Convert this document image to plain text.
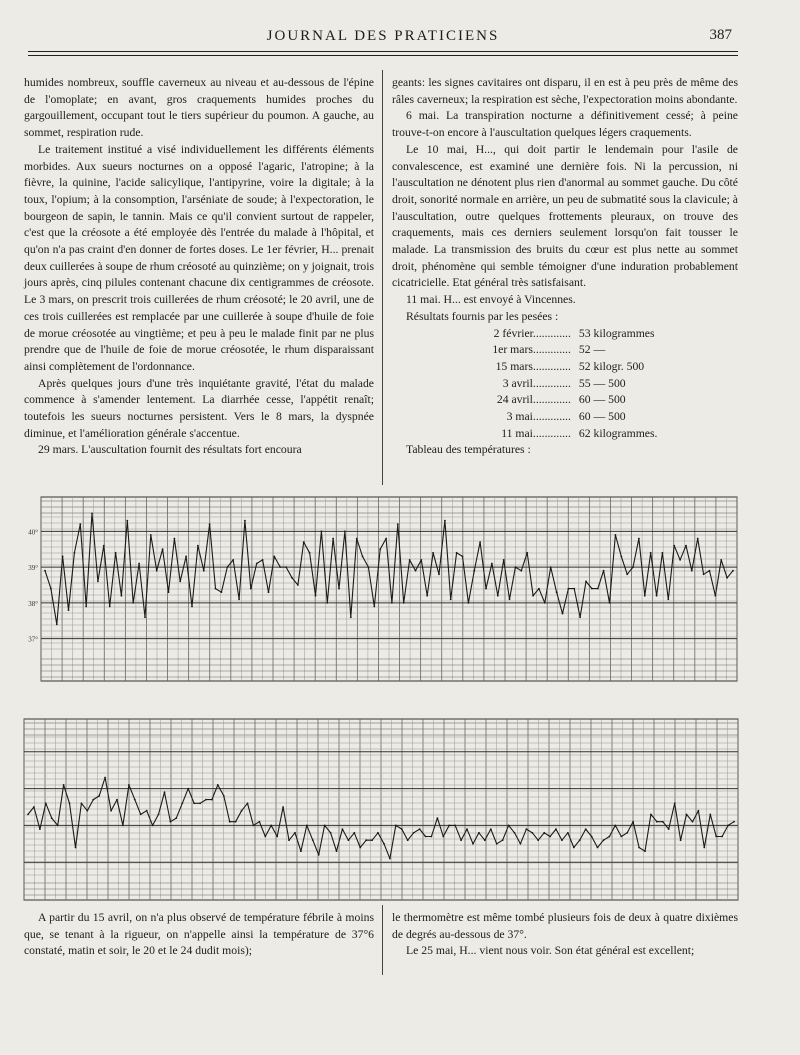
JOURNAL DES PRATICIENS	387

humides nombreux, souffle caverneux au niveau et au-dessous de l'épine de l'omoplate; en avant, gros craquements humides proches du gargouillement, occupant tout le tiers supérieur du poumon. A gauche, au sommet, respiration rude.

Le traitement institué a visé individuellement les différents éléments morbides. Aux sueurs nocturnes on a opposé l'agaric, l'atropine; à la fièvre, la quinine, l'acide salicylique, l'antipyrine, voire la digitale; à la toux, l'opium; à la consomption, l'arséniate de soude; à l'expectoration, le bourgeon de sapin, le tannin. Mais ce qu'il convient surtout de rappeler, c'est que la créosote a été employée dès l'entrée du malade à l'hôpital, et qu'on n'a pas craint d'en donner de fortes doses. Le 1er février, H... prenait deux cuillerées à soupe de rhum créosoté au quinzième; on y joignait, trois jours après, cinq pilules contenant chacune dix centigrammes de créosote. Le 3 mars, on prescrit trois cuillerées de rhum créosoté; le 20 avril, une de ces trois cuillerées est remplacée par une cuillerée à soupe d'huile de foie de morue créosotée au vingtième; et peu à peu le malade finit par ne plus prendre que de l'huile de foie de morue créosotée, le rhum disparaissant ainsi complètement de l'ordonnance.

Après quelques jours d'une très inquiétante gravité, l'état du malade commence à s'amender lentement. La diarrhée cesse, l'appétit renaît; toutefois les sueurs nocturnes persistent. Vers le 8 mars, la dyspnée diminue, et l'amélioration générale s'accentue.

29 mars. L'auscultation fournit des résultats fort encoura

geants: les signes cavitaires ont disparu, il en est à peu près de même des râles caverneux; la respiration est sèche, l'expectoration moins abondante.

6 mai. La transpiration nocturne a définitivement cessé; à peine trouve-t-on encore à l'auscultation quelques légers craquements.

Le 10 mai, H..., qui doit partir le lendemain pour l'asile de convalescence, est examiné une dernière fois. Ni la percussion, ni l'auscultation ne dénotent plus rien d'anormal au sommet gauche. Du côté droit, sonorité normale en arrière, un peu de submatité sous la clavicule; à l'auscultation, outre quelques frottements pleuraux, on trouve des craquements, mais ces derniers seulement lorsqu'on fait tousser le malade. La transmission des bruits du cœur est plus nette au sommet droit, phénomène qui semble témoigner d'une induration probablement cicatricielle. Etat général très satisfaisant.

11 mai. H... est envoyé à Vincennes.

Résultats fournis par les pesées :

2 février.............	53 kilogrammes
1er mars.............	52 —
15 mars.............	52 kilogr. 500
3 avril.............	55 — 500
24 avril.............	60 — 500
3 mai.............	60 — 500
11 mai.............	62 kilogrammes.

Tableau des températures :

40°
39°
38°
37°

A partir du 15 avril, on n'a plus observé de température fébrile à moins que, se tenant à la rigueur, on n'appelle ainsi la température de 37°6 constaté, matin et soir, le 20 et le 24 dudit mois);

le thermomètre est même tombé plusieurs fois de deux à quatre dixièmes de degrés au-dessous de 37°.

Le 25 mai, H... vient nous voir. Son état général est excellent;
